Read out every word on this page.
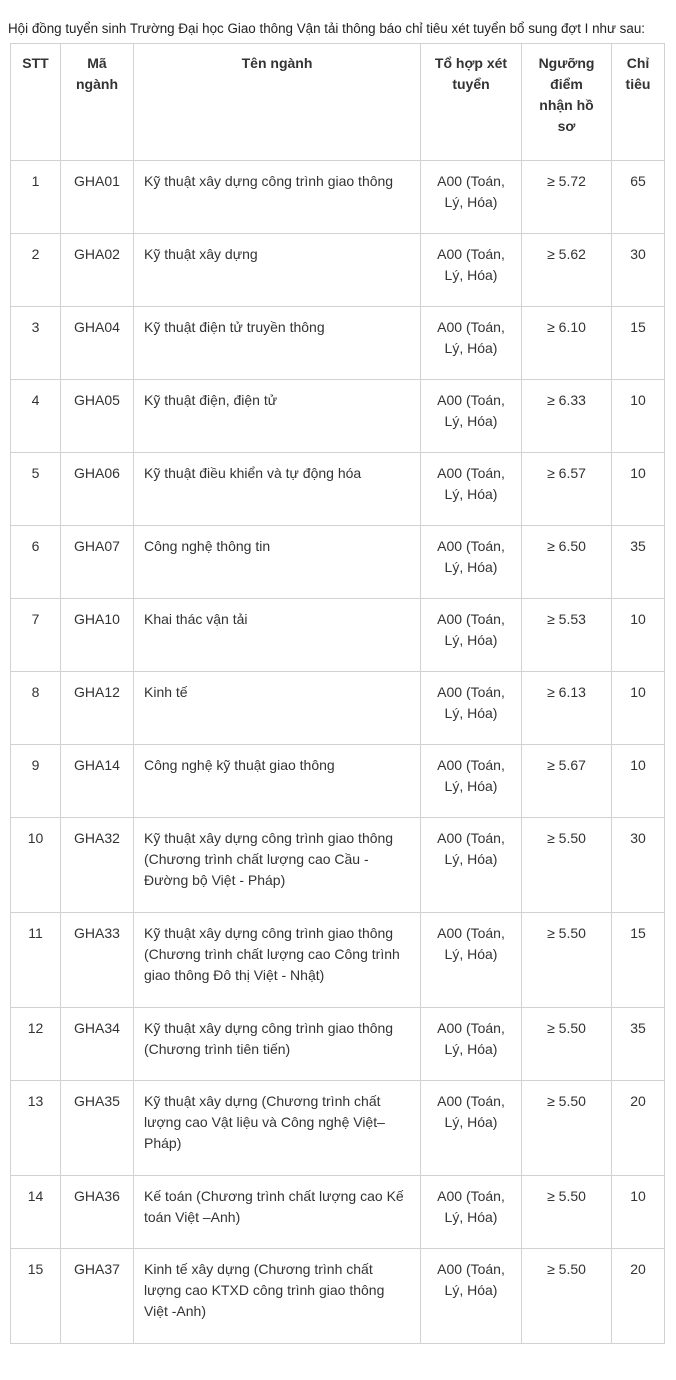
Hội đồng tuyển sinh Trường Đại học Giao thông Vận tải thông báo chỉ tiêu xét tuyển bổ sung đợt I như sau:

STT	Mã ngành	Tên ngành	Tổ hợp xét tuyển	Ngưỡng điểm nhận hồ sơ	Chỉ tiêu
1	GHA01	Kỹ thuật xây dựng công trình giao thông	A00 (Toán, Lý, Hóa)	≥ 5.72	65
2	GHA02	Kỹ thuật xây dựng	A00 (Toán, Lý, Hóa)	≥ 5.62	30
3	GHA04	Kỹ thuật điện tử truyền thông	A00 (Toán, Lý, Hóa)	≥ 6.10	15
4	GHA05	Kỹ thuật điện, điện tử	A00 (Toán, Lý, Hóa)	≥ 6.33	10
5	GHA06	Kỹ thuật điều khiển và tự động hóa	A00 (Toán, Lý, Hóa)	≥ 6.57	10
6	GHA07	Công nghệ thông tin	A00 (Toán, Lý, Hóa)	≥ 6.50	35
7	GHA10	Khai thác vận tải	A00 (Toán, Lý, Hóa)	≥ 5.53	10
8	GHA12	Kinh tế	A00 (Toán, Lý, Hóa)	≥ 6.13	10
9	GHA14	Công nghệ kỹ thuật giao thông	A00 (Toán, Lý, Hóa)	≥ 5.67	10
10	GHA32	Kỹ thuật xây dựng công trình giao thông (Chương trình chất lượng cao Cầu - Đường bộ Việt - Pháp)	A00 (Toán, Lý, Hóa)	≥ 5.50	30
11	GHA33	Kỹ thuật xây dựng công trình giao thông (Chương trình chất lượng cao Công trình giao thông Đô thị Việt - Nhật)	A00 (Toán, Lý, Hóa)	≥ 5.50	15
12	GHA34	Kỹ thuật xây dựng công trình giao thông (Chương trình tiên tiến)	A00 (Toán, Lý, Hóa)	≥ 5.50	35
13	GHA35	Kỹ thuật xây dựng (Chương trình chất lượng cao Vật liệu và Công nghệ Việt–Pháp)	A00 (Toán, Lý, Hóa)	≥ 5.50	20
14	GHA36	Kế toán (Chương trình chất lượng cao Kế toán Việt –Anh)	A00 (Toán, Lý, Hóa)	≥ 5.50	10
15	GHA37	Kinh tế xây dựng (Chương trình chất lượng cao KTXD công trình giao thông Việt -Anh)	A00 (Toán, Lý, Hóa)	≥ 5.50	20
